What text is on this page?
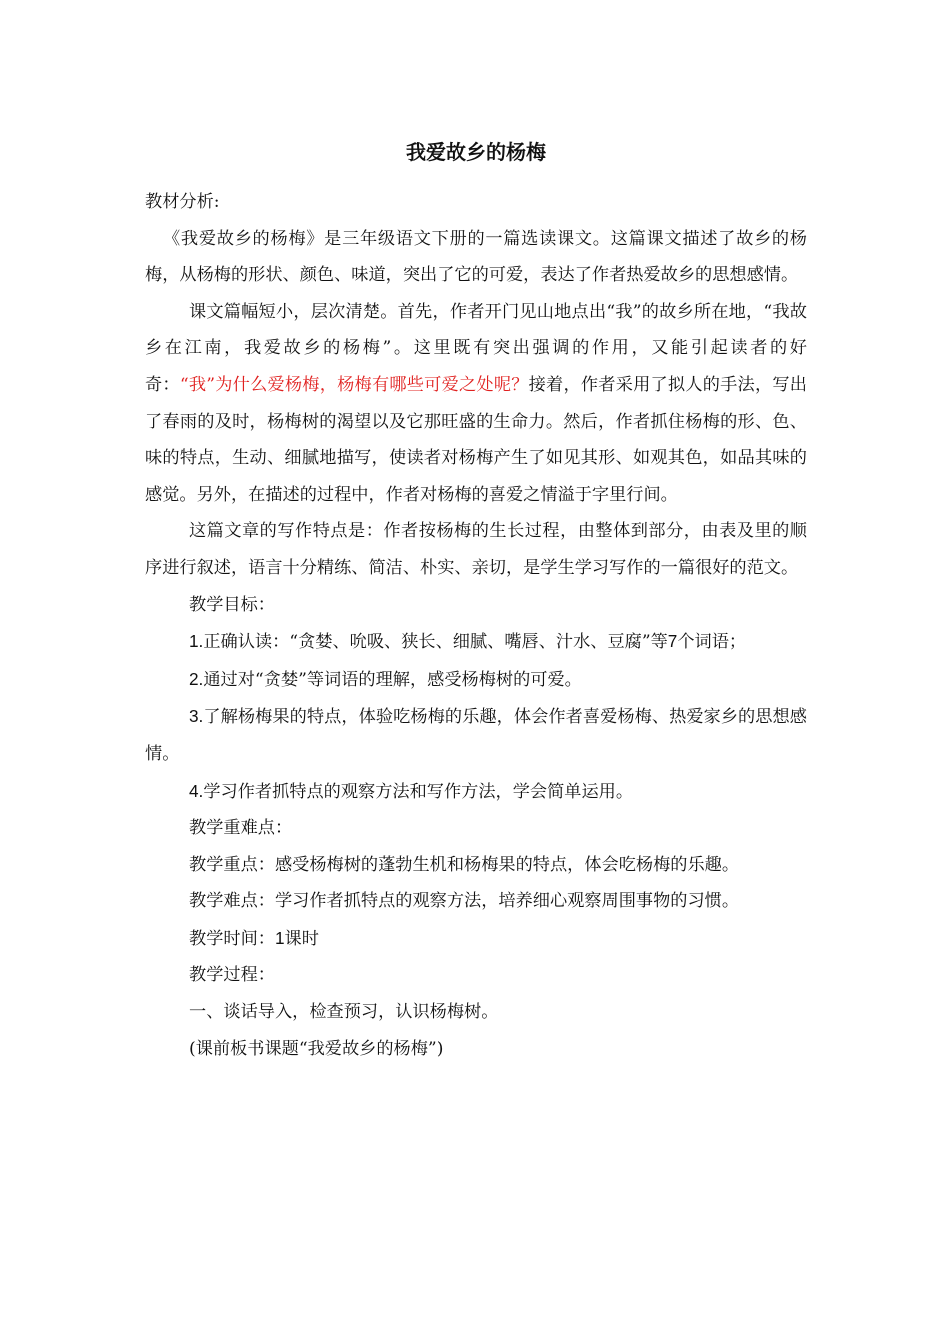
我爱故乡的杨梅

教材分析:

《我爱故乡的杨梅》是三年级语文下册的一篇选读课文。这篇课文描述了故乡的杨梅，从杨梅的形状、颜色、味道，突出了它的可爱，表达了作者热爱故乡的思想感情。

课文篇幅短小，层次清楚。首先，作者开门见山地点出“我”的故乡所在地，“我故乡在江南，我爱故乡的杨梅”。这里既有突出强调的作用，又能引起读者的好奇：“我”为什么爱杨梅，杨梅有哪些可爱之处呢？接着，作者采用了拟人的手法，写出了春雨的及时，杨梅树的渴望以及它那旺盛的生命力。然后，作者抓住杨梅的形、色、味的特点，生动、细腻地描写，使读者对杨梅产生了如见其形、如观其色，如品其味的感觉。另外，在描述的过程中，作者对杨梅的喜爱之情溢于字里行间。

这篇文章的写作特点是：作者按杨梅的生长过程，由整体到部分，由表及里的顺序进行叙述，语言十分精练、简洁、朴实、亲切，是学生学习写作的一篇很好的范文。

教学目标：

1.正确认读：“贪婪、吮吸、狭长、细腻、嘴唇、汁水、豆腐”等7个词语；

2.通过对“贪婪”等词语的理解，感受杨梅树的可爱。

3.了解杨梅果的特点，体验吃杨梅的乐趣，体会作者喜爱杨梅、热爱家乡的思想感情。

4.学习作者抓特点的观察方法和写作方法，学会简单运用。

教学重难点：

教学重点：感受杨梅树的蓬勃生机和杨梅果的特点，体会吃杨梅的乐趣。

教学难点：学习作者抓特点的观察方法，培养细心观察周围事物的习惯。

教学时间：1课时

教学过程：

一、谈话导入，检查预习，认识杨梅树。

(课前板书课题“我爱故乡的杨梅”)
